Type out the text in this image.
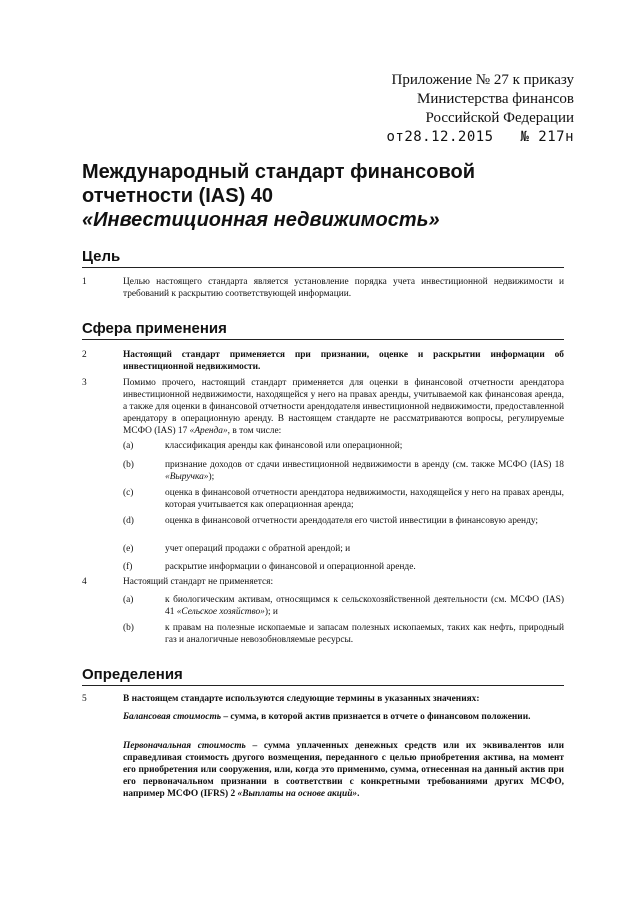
Приложение № 27 к приказу
Министерства финансов
Российской Федерации
от28.12.2015 № 217н
Международный стандарт финансовой
отчетности (IAS) 40
«Инвестиционная недвижимость»
Цель
1	Целью настоящего стандарта является установление порядка учета инвестиционной недвижимости и требований к раскрытию соответствующей информации.
Сфера применения
2	Настоящий стандарт применяется при признании, оценке и раскрытии информации об инвестиционной недвижимости.
3	Помимо прочего, настоящий стандарт применяется для оценки в финансовой отчетности арендатора инвестиционной недвижимости, находящейся у него на правах аренды, учитываемой как финансовая аренда, а также для оценки в финансовой отчетности арендодателя инвестиционной недвижимости, предоставленной арендатору в операционную аренду. В настоящем стандарте не рассматриваются вопросы, регулируемые МСФО (IAS) 17 «Аренда», в том числе:
(a)	классификация аренды как финансовой или операционной;
(b)	признание доходов от сдачи инвестиционной недвижимости в аренду (см. также МСФО (IAS) 18 «Выручка»);
(c)	оценка в финансовой отчетности арендатора недвижимости, находящейся у него на правах аренды, которая учитывается как операционная аренда;
(d)	оценка в финансовой отчетности арендодателя его чистой инвестиции в финансовую аренду;
(e)	учет операций продажи с обратной арендой; и
(f)	раскрытие информации о финансовой и операционной аренде.
4	Настоящий стандарт не применяется:
(a)	к биологическим активам, относящимся к сельскохозяйственной деятельности (см. МСФО (IAS) 41 «Сельское хозяйство»); и
(b)	к правам на полезные ископаемые и запасам полезных ископаемых, таких как нефть, природный газ и аналогичные невозобновляемые ресурсы.
Определения
5	В настоящем стандарте используются следующие термины в указанных значениях:
Балансовая стоимость – сумма, в которой актив признается в отчете о финансовом положении.
Первоначальная стоимость – сумма уплаченных денежных средств или их эквивалентов или справедливая стоимость другого возмещения, переданного с целью приобретения актива, на момент его приобретения или сооружения, или, когда это применимо, сумма, отнесенная на данный актив при его первоначальном признании в соответствии с конкретными требованиями других МСФО, например МСФО (IFRS) 2 «Выплаты на основе акций».
